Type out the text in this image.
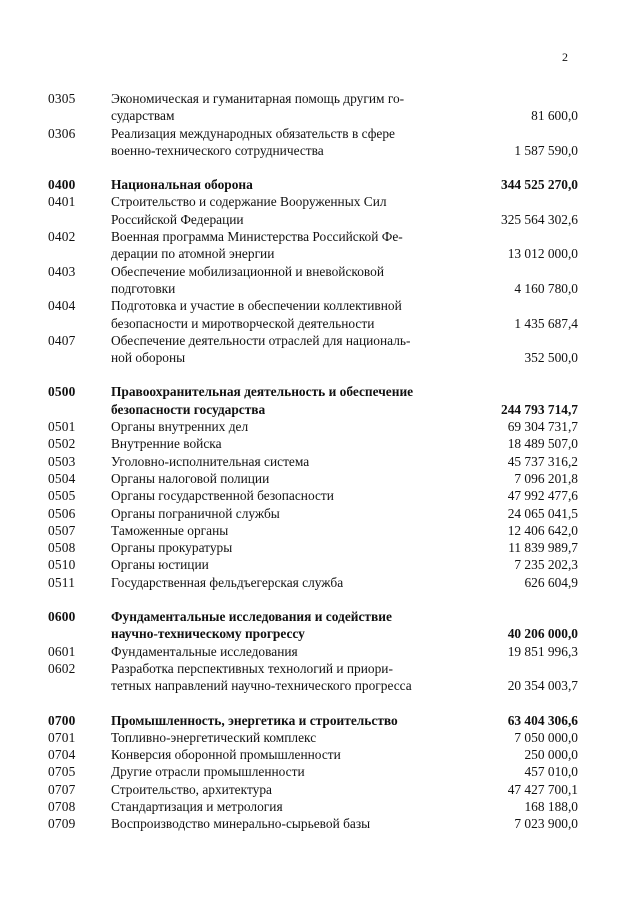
2
0305	Экономическая и гуманитарная помощь другим го-
сударствам	81 600,0
0306	Реализация международных обязательств в сфере
военно-технического сотрудничества	1 587 590,0
0400	Национальная оборона	344 525 270,0
0401	Строительство и содержание Вооруженных Сил
Российской Федерации	325 564 302,6
0402	Военная программа Министерства Российской Фе-
дерации по атомной энергии	13 012 000,0
0403	Обеспечение мобилизационной и вневойсковой
подготовки	4 160 780,0
0404	Подготовка и участие в обеспечении коллективной
безопасности и миротворческой деятельности	1 435 687,4
0407	Обеспечение деятельности отраслей для националь-
ной обороны	352 500,0
0500	Правоохранительная деятельность и обеспечение
безопасности государства	244 793 714,7
0501	Органы внутренних дел	69 304 731,7
0502	Внутренние войска	18 489 507,0
0503	Уголовно-исполнительная система	45 737 316,2
0504	Органы налоговой полиции	7 096 201,8
0505	Органы государственной безопасности	47 992 477,6
0506	Органы пограничной службы	24 065 041,5
0507	Таможенные органы	12 406 642,0
0508	Органы прокуратуры	11 839 989,7
0510	Органы юстиции	7 235 202,3
0511	Государственная фельдъегерская служба	626 604,9
0600	Фундаментальные исследования и содействие
научно-техническому прогрессу	40 206 000,0
0601	Фундаментальные исследования	19 851 996,3
0602	Разработка перспективных технологий и приори-
тетных направлений научно-технического прогресса	20 354 003,7
0700	Промышленность, энергетика и строительство	63 404 306,6
0701	Топливно-энергетический комплекс	7 050 000,0
0704	Конверсия оборонной промышленности	250 000,0
0705	Другие отрасли промышленности	457 010,0
0707	Строительство, архитектура	47 427 700,1
0708	Стандартизация и метрология	168 188,0
0709	Воспроизводство минерально-сырьевой базы	7 023 900,0
